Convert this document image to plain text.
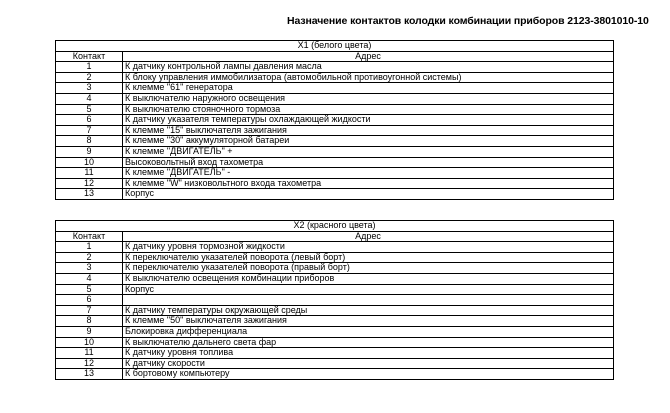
Назначение контактов колодки комбинации приборов 2123-3801010-10
X1 (белого цвета)	
Контакт	Адрес
1	К датчику контрольной лампы давления масла
2	К блоку управления иммобилизатора (автомобильной противоугонной системы)
3	К клемме "61" генератора
4	К выключателю наружного освещения
5	К выключателю стояночного тормоза
6	К датчику указателя температуры охлаждающей жидкости
7	К клемме "15" выключателя зажигания
8	К клемме "30" аккумуляторной батареи
9	К клемме "ДВИГАТЕЛЬ" +
10	Высоковольтный вход тахометра
11	К клемме "ДВИГАТЕЛЬ" -
12	К клемме "W" низковольтного входа тахометра
13	Корпус
X2 (красного цвета)	
Контакт	Адрес
1	К датчику уровня тормозной жидкости
2	К переключателю указателей поворота (левый борт)
3	К переключателю указателей поворота (правый борт)
4	К выключателю освещения комбинации приборов
5	Корпус
6	
7	К датчику температуры окружающей среды
8	К клемме "50" выключателя зажигания
9	Блокировка дифференциала
10	К выключателю дальнего света фар
11	К датчику уровня топлива
12	К датчику скорости
13	К бортовому компьютеру
